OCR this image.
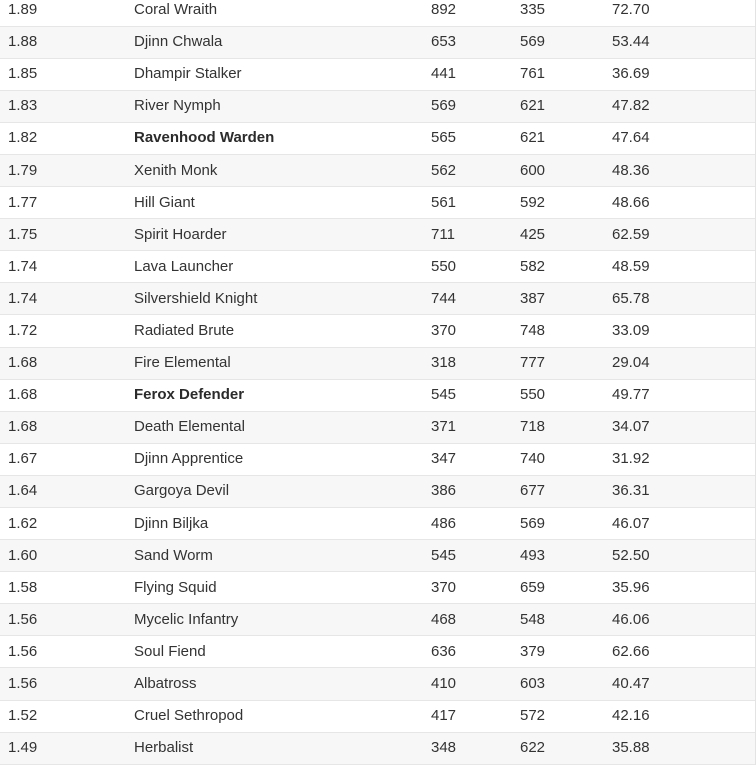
1.89	Coral Wraith	892	335	72.70
1.88	Djinn Chwala	653	569	53.44
1.85	Dhampir Stalker	441	761	36.69
1.83	River Nymph	569	621	47.82
1.82	Ravenhood Warden	565	621	47.64
1.79	Xenith Monk	562	600	48.36
1.77	Hill Giant	561	592	48.66
1.75	Spirit Hoarder	711	425	62.59
1.74	Lava Launcher	550	582	48.59
1.74	Silvershield Knight	744	387	65.78
1.72	Radiated Brute	370	748	33.09
1.68	Fire Elemental	318	777	29.04
1.68	Ferox Defender	545	550	49.77
1.68	Death Elemental	371	718	34.07
1.67	Djinn Apprentice	347	740	31.92
1.64	Gargoya Devil	386	677	36.31
1.62	Djinn Biljka	486	569	46.07
1.60	Sand Worm	545	493	52.50
1.58	Flying Squid	370	659	35.96
1.56	Mycelic Infantry	468	548	46.06
1.56	Soul Fiend	636	379	62.66
1.56	Albatross	410	603	40.47
1.52	Cruel Sethropod	417	572	42.16
1.49	Herbalist	348	622	35.88
